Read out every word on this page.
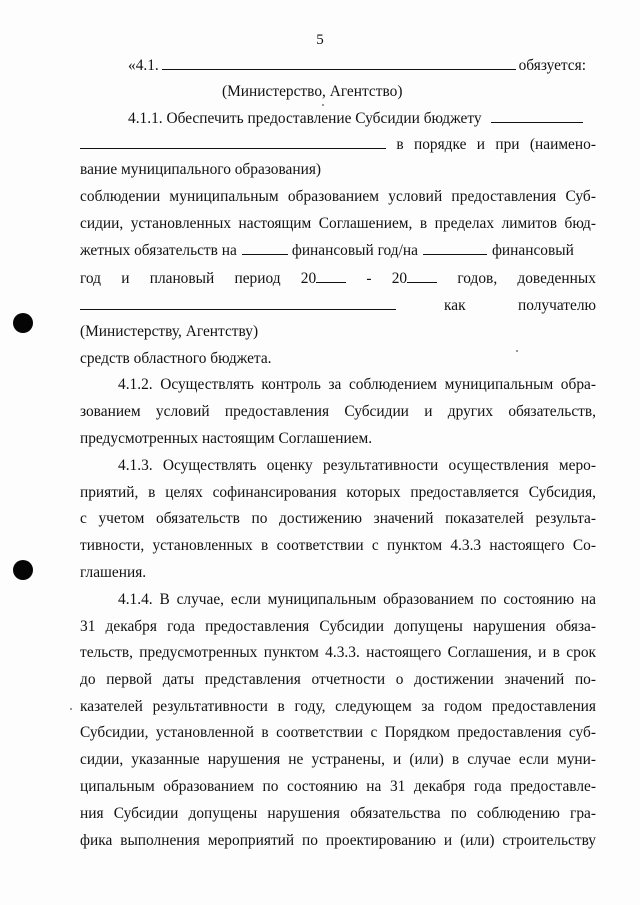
5
«4.1.	обязуется:
(Министерство, Агентство)
4.1.1. Обеспечить предоставление Субсидии бюджету
в порядке и при (наимено-
вание муниципального образования)
соблюдении муниципальным образованием условий предоставления Суб-
сидии, установленных настоящим Соглашением, в пределах лимитов бюд-
жетных обязательств на	финансовый год/на	финансовый
год и плановый период 20	- 20	годов, доведенных
как	получателю
(Министерству, Агентству)
средств областного бюджета.
4.1.2. Осуществлять контроль за соблюдением муниципальным обра-
зованием условий предоставления Субсидии и других обязательств,
предусмотренных настоящим Соглашением.
4.1.3. Осуществлять оценку результативности осуществления меро-
приятий, в целях софинансирования которых предоставляется Субсидия,
с учетом обязательств по достижению значений показателей результа-
тивности, установленных в соответствии с пунктом 4.3.3 настоящего Со-
глашения.
4.1.4. В случае, если муниципальным образованием по состоянию на
31 декабря года предоставления Субсидии допущены нарушения обяза-
тельств, предусмотренных пунктом 4.3.3. настоящего Соглашения, и в срок
до первой даты представления отчетности о достижении значений по-
казателей результативности в году, следующем за годом предоставления
Субсидии, установленной в соответствии с Порядком предоставления суб-
сидии, указанные нарушения не устранены, и (или) в случае если муни-
ципальным образованием по состоянию на 31 декабря года предоставле-
ния Субсидии допущены нарушения обязательства по соблюдению гра-
фика выполнения мероприятий по проектированию и (или) строительству
